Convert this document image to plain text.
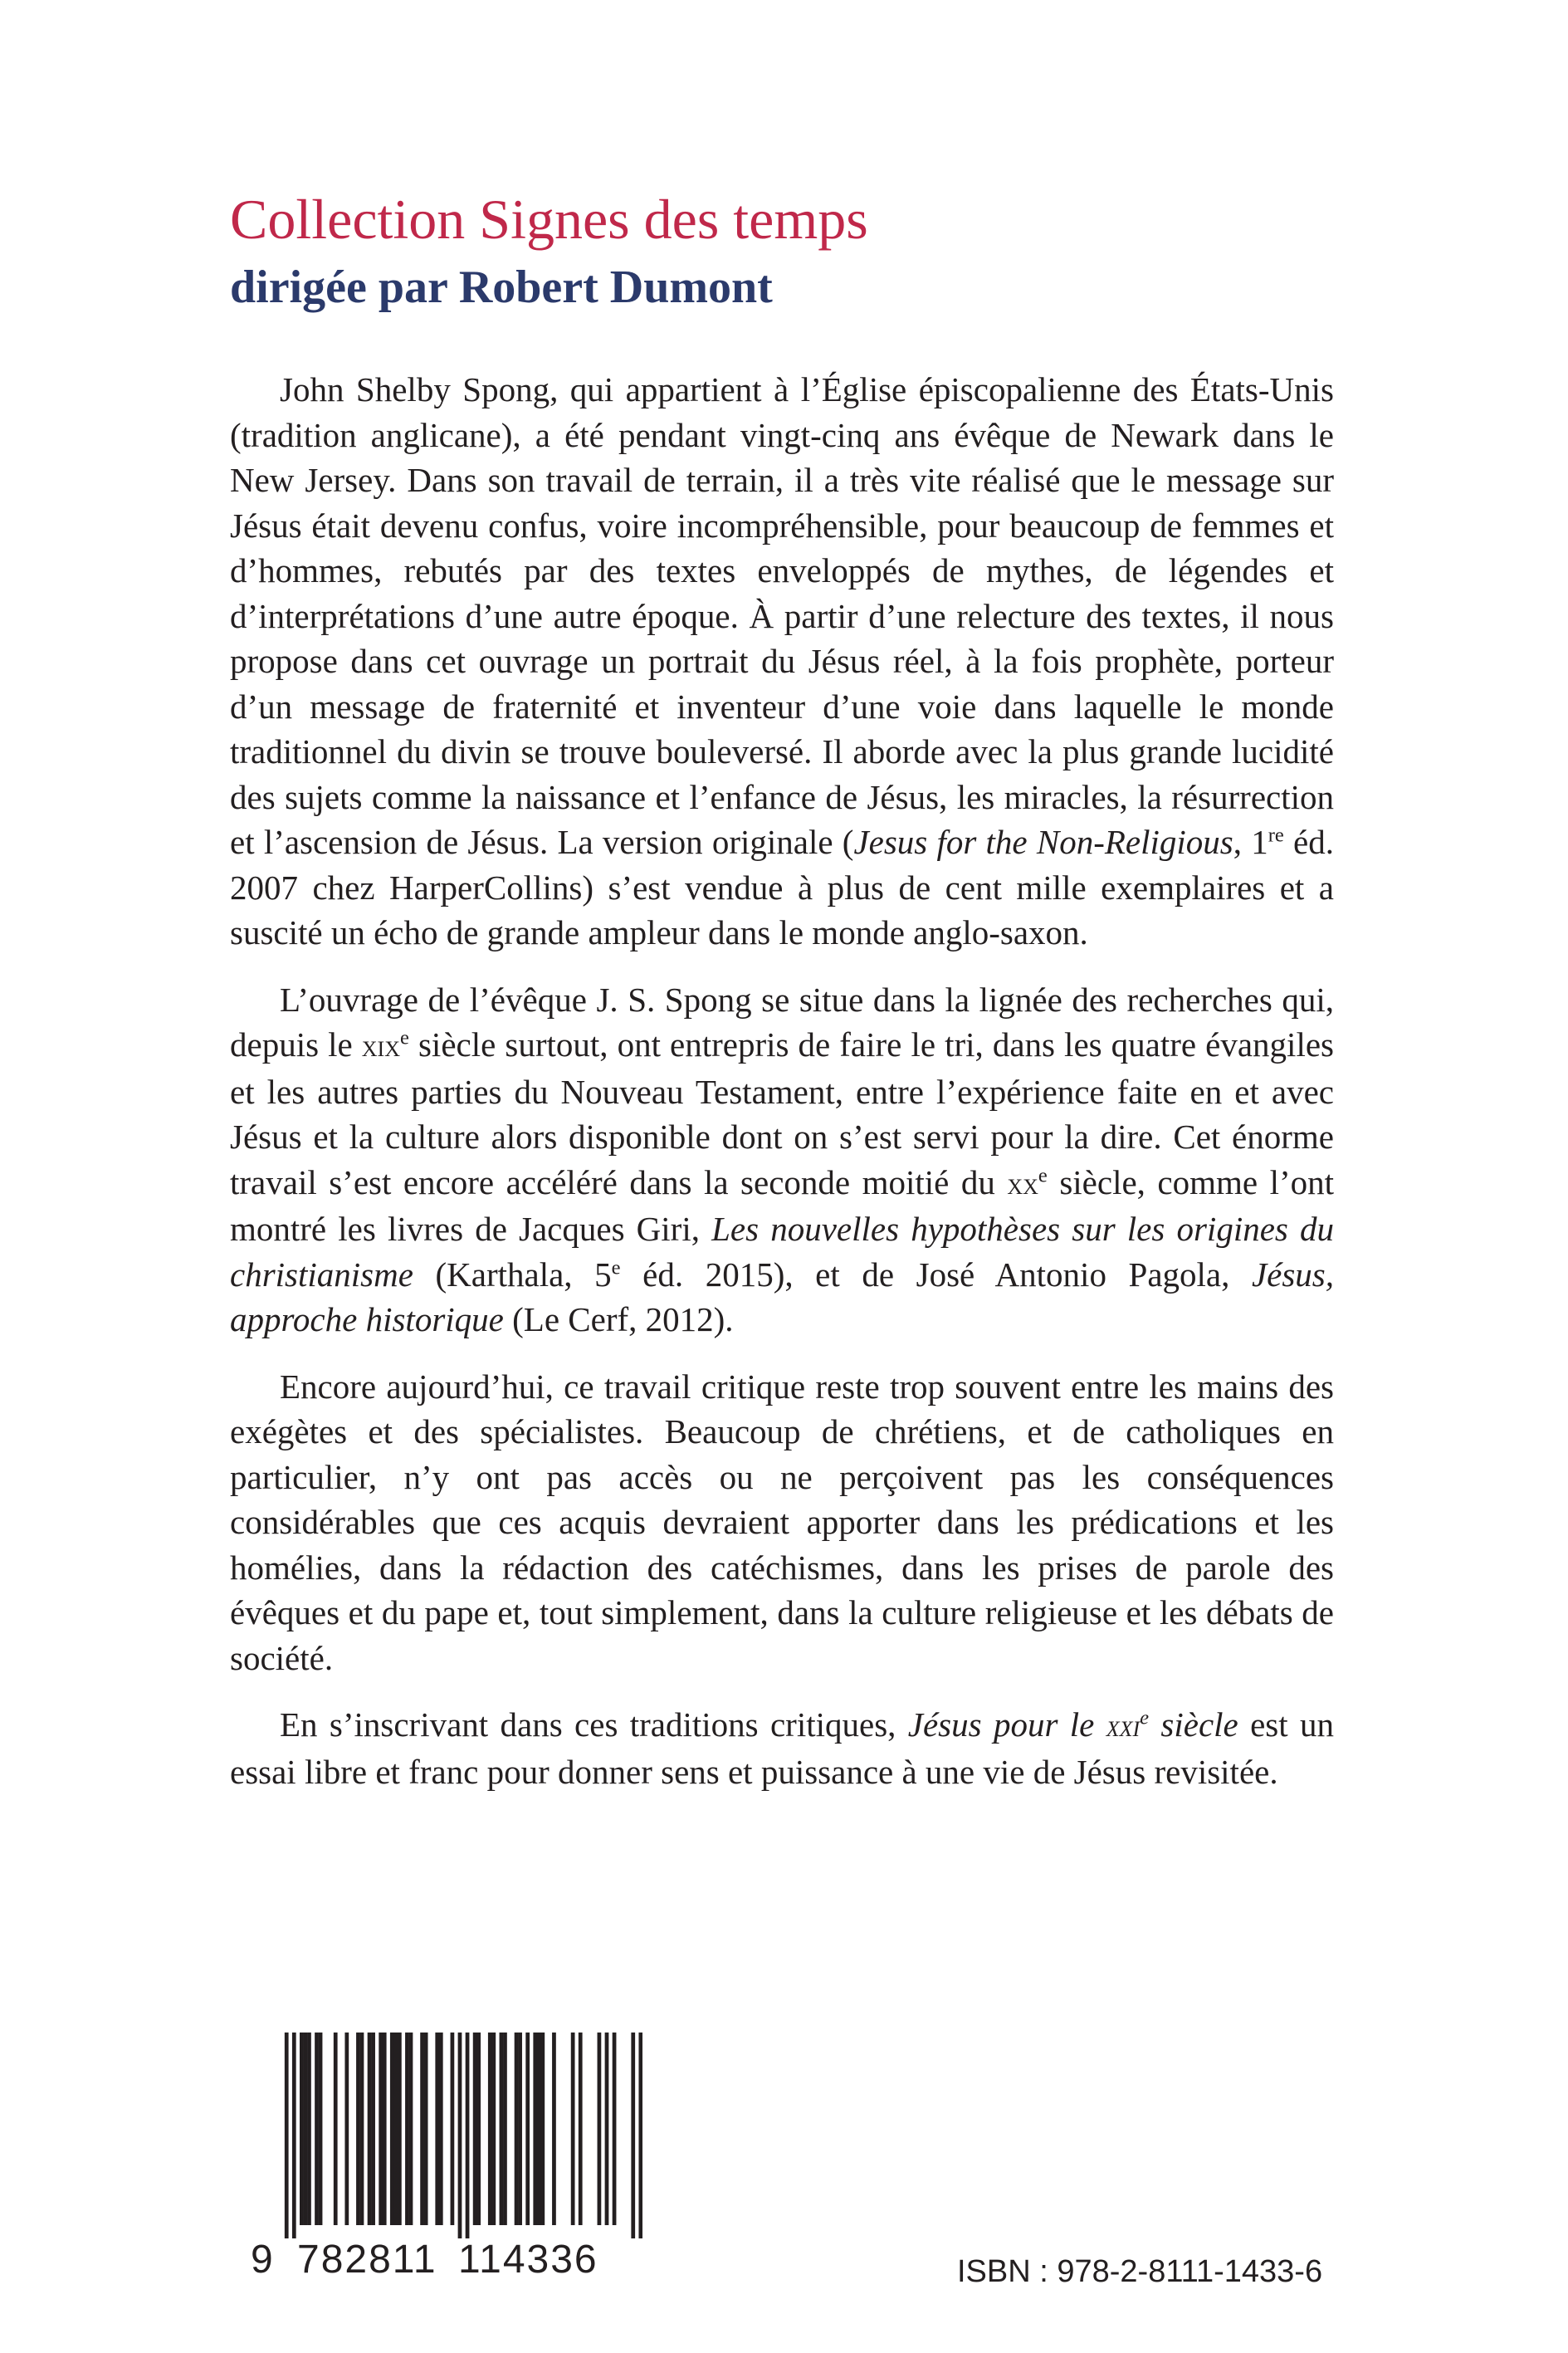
Collection Signes des temps
dirigée par Robert Dumont

John Shelby Spong, qui appartient à l’Église épiscopalienne des États-Unis (tradition anglicane), a été pendant vingt-cinq ans évêque de Newark dans le New Jersey. Dans son travail de terrain, il a très vite réalisé que le message sur Jésus était devenu confus, voire incompréhensible, pour beaucoup de femmes et d’hommes, rebutés par des textes enveloppés de mythes, de légendes et d’interprétations d’une autre époque. À partir d’une relecture des textes, il nous propose dans cet ouvrage un portrait du Jésus réel, à la fois prophète, porteur d’un message de fraternité et inventeur d’une voie dans laquelle le monde traditionnel du divin se trouve bouleversé. Il aborde avec la plus grande lucidité des sujets comme la naissance et l’enfance de Jésus, les miracles, la résurrection et l’ascension de Jésus. La version originale (Jesus for the Non-Religious, 1re éd. 2007 chez HarperCollins) s’est vendue à plus de cent mille exemplaires et a suscité un écho de grande ampleur dans le monde anglo-saxon.

L’ouvrage de l’évêque J. S. Spong se situe dans la lignée des recherches qui, depuis le xix$^e$ siècle surtout, ont entrepris de faire le tri, dans les quatre évangiles et les autres parties du Nouveau Testament, entre l’expérience faite en et avec Jésus et la culture alors disponible dont on s’est servi pour la dire. Cet énorme travail s’est encore accéléré dans la seconde moitié du $xx^e$ siècle, comme l’ont montré les livres de Jacques Giri, Les nouvelles hypothèses sur les origines du christianisme (Karthala, 5e éd. 2015), et de José Antonio Pagola, Jésus, approche historique (Le Cerf, 2012).

Encore aujourd’hui, ce travail critique reste trop souvent entre les mains des exégètes et des spécialistes. Beaucoup de chrétiens, et de catholiques en particulier, n’y ont pas accès ou ne perçoivent pas les conséquences considérables que ces acquis devraient apporter dans les prédications et les homélies, dans la rédaction des catéchismes, dans les prises de parole des évêques et du pape et, tout simplement, dans la culture religieuse et les débats de société.

En s’inscrivant dans ces traditions critiques, Jésus pour le xxi$^e$ siècle est un essai libre et franc pour donner sens et puissance à une vie de Jésus revisitée.

9 782811 114336	ISBN : 978-2-8111-1433-6
